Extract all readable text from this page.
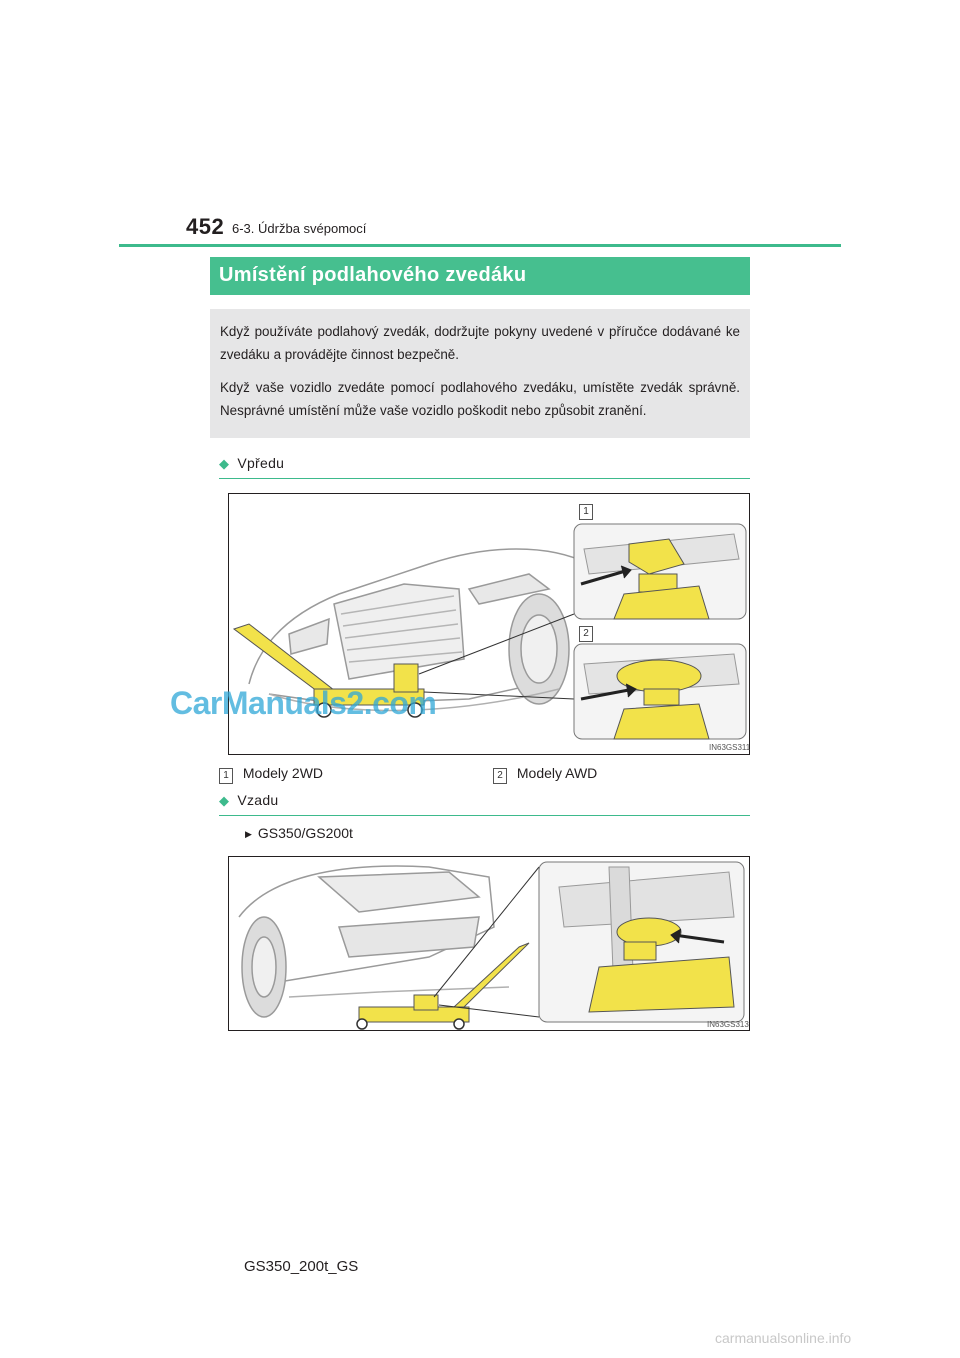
452 6-3. Údržba svépomocí
Umístění podlahového zvedáku

Když používáte podlahový zvedák, dodržujte pokyny uvedené v příručce dodávané ke zvedáku a provádějte činnost bezpečně.

Když vaše vozidlo zvedáte pomocí podlahového zvedáku, umístěte zvedák správně. Nesprávné umístění může vaše vozidlo poškodit nebo způsobit zranění.

◆ Vpředu
1
2
IN63GS311
1 Modely 2WD	2 Modely AWD
◆ Vzadu
▶ GS350/GS200t
IN63GS313
CarManuals2.com
GS350_200t_GS
carmanualsonline.info
